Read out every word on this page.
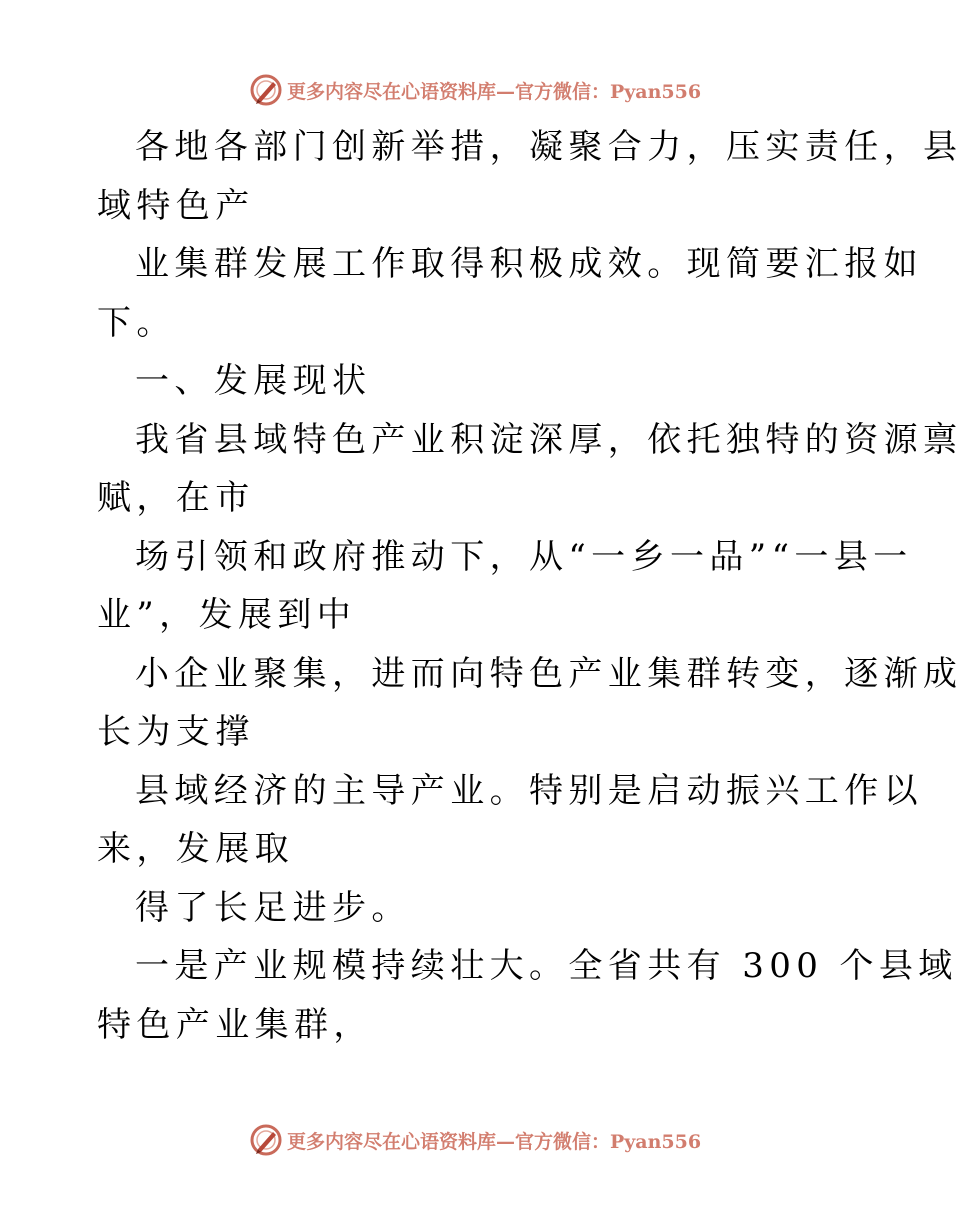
更多内容尽在心语资料库—官方微信：Pyan556
各地各部门创新举措，凝聚合力，压实责任，县
域特色产
业集群发展工作取得积极成效。现简要汇报如
下。
一、发展现状
我省县域特色产业积淀深厚，依托独特的资源禀
赋，在市
场引领和政府推动下，从“一乡一品”“一县一
业”，发展到中
小企业聚集，进而向特色产业集群转变，逐渐成
长为支撑
县域经济的主导产业。特别是启动振兴工作以
来，发展取
得了长足进步。
一是产业规模持续壮大。全省共有 300 个县域
特色产业集群，
更多内容尽在心语资料库—官方微信：Pyan556
